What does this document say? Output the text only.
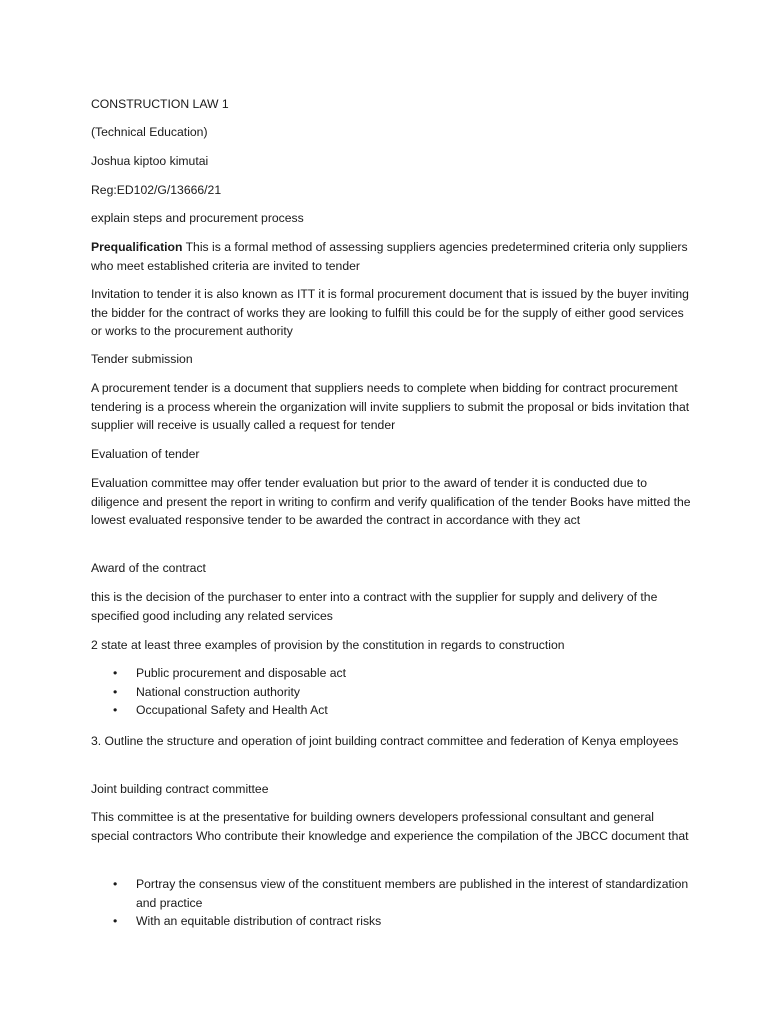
CONSTRUCTION LAW 1

(Technical Education)

Joshua kiptoo kimutai

Reg:ED102/G/13666/21

explain steps and procurement process

Prequalification This is a formal method of assessing suppliers agencies predetermined criteria only suppliers who meet established criteria are invited to tender

Invitation to tender it is also known as ITT it is formal procurement document that is issued by the buyer inviting the bidder for the contract of works they are looking to fulfill this could be for the supply of either good services or works to the procurement authority

Tender submission

A procurement tender is a document that suppliers needs to complete when bidding for contract procurement tendering is a process wherein the organization will invite suppliers to submit the proposal or bids invitation that supplier will receive is usually called a request for tender

Evaluation of tender

Evaluation committee may offer tender evaluation but prior to the award of tender it is conducted due to diligence and present the report in writing to confirm and verify qualification of the tender Books have mitted the lowest evaluated responsive tender to be awarded the contract in accordance with they act

Award of the contract

this is the decision of the purchaser to enter into a contract with the supplier for supply and delivery of the specified good including any related services

2 state at least three examples of provision by the constitution in regards to construction

• Public procurement and disposable act
• National construction authority
• Occupational Safety and Health Act

3. Outline the structure and operation of joint building contract committee and federation of Kenya employees

Joint building contract committee

This committee is at the presentative for building owners developers professional consultant and general special contractors Who contribute their knowledge and experience the compilation of the JBCC document that

• Portray the consensus view of the constituent members are published in the interest of standardization and practice
• With an equitable distribution of contract risks
